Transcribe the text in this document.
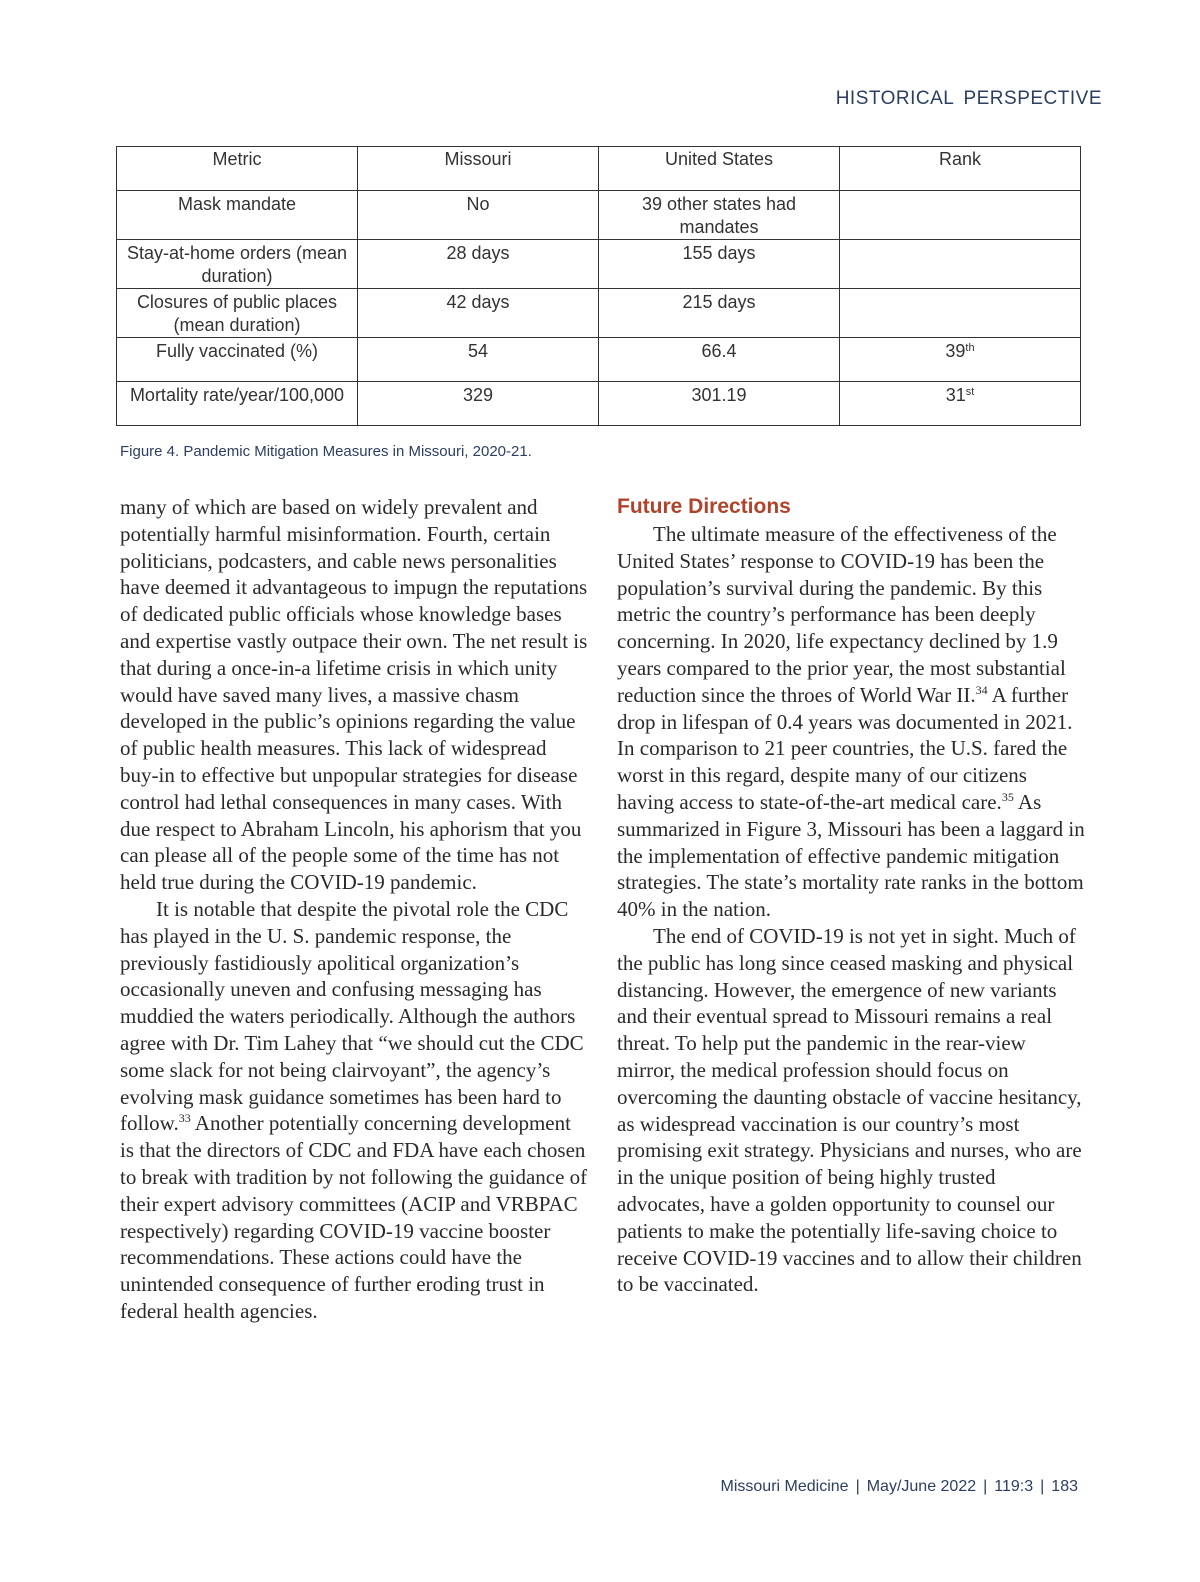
HISTORICAL PERSPECTIVE
Metric	Missouri	United States	Rank
Mask mandate	No	39 other states had mandates	
Stay-at-home orders (mean duration)	28 days	155 days	
Closures of public places (mean duration)	42 days	215 days	
Fully vaccinated (%)	54	66.4	39th
Mortality rate/year/100,000	329	301.19	31st
Figure 4. Pandemic Mitigation Measures in Missouri, 2020-21.

many of which are based on widely prevalent and potentially harmful misinformation. Fourth, certain politicians, podcasters, and cable news personalities have deemed it advantageous to impugn the reputations of dedicated public officials whose knowledge bases and expertise vastly outpace their own. The net result is that during a once-in-a lifetime crisis in which unity would have saved many lives, a massive chasm developed in the public’s opinions regarding the value of public health measures. This lack of widespread buy-in to effective but unpopular strategies for disease control had lethal consequences in many cases. With due respect to Abraham Lincoln, his aphorism that you can please all of the people some of the time has not held true during the COVID-19 pandemic.

It is notable that despite the pivotal role the CDC has played in the U. S. pandemic response, the previously fastidiously apolitical organization’s occasionally uneven and confusing messaging has muddied the waters periodically. Although the authors agree with Dr. Tim Lahey that “we should cut the CDC some slack for not being clairvoyant”, the agency’s evolving mask guidance sometimes has been hard to follow.$^{33}$ Another potentially concerning development is that the directors of CDC and FDA have each chosen to break with tradition by not following the guidance of their expert advisory committees (ACIP and VRBPAC respectively) regarding COVID-19 vaccine booster recommendations. These actions could have the unintended consequence of further eroding trust in federal health agencies.

Future Directions

The ultimate measure of the effectiveness of the United States’ response to COVID-19 has been the population’s survival during the pandemic. By this metric the country’s performance has been deeply concerning. In 2020, life expectancy declined by 1.9 years compared to the prior year, the most substantial reduction since the throes of World War II.$^{34}$ A further drop in lifespan of 0.4 years was documented in 2021. In comparison to 21 peer countries, the U.S. fared the worst in this regard, despite many of our citizens having access to state-of-the-art medical care.$^{35}$ As summarized in Figure 3, Missouri has been a laggard in the implementation of effective pandemic mitigation strategies. The state’s mortality rate ranks in the bottom 40% in the nation.

The end of COVID-19 is not yet in sight. Much of the public has long since ceased masking and physical distancing. However, the emergence of new variants and their eventual spread to Missouri remains a real threat. To help put the pandemic in the rear-view mirror, the medical profession should focus on overcoming the daunting obstacle of vaccine hesitancy, as widespread vaccination is our country’s most promising exit strategy. Physicians and nurses, who are in the unique position of being highly trusted advocates, have a golden opportunity to counsel our patients to make the potentially life-saving choice to receive COVID-19 vaccines and to allow their children to be vaccinated.

Missouri Medicine | May/June 2022 | 119:3 | 183
